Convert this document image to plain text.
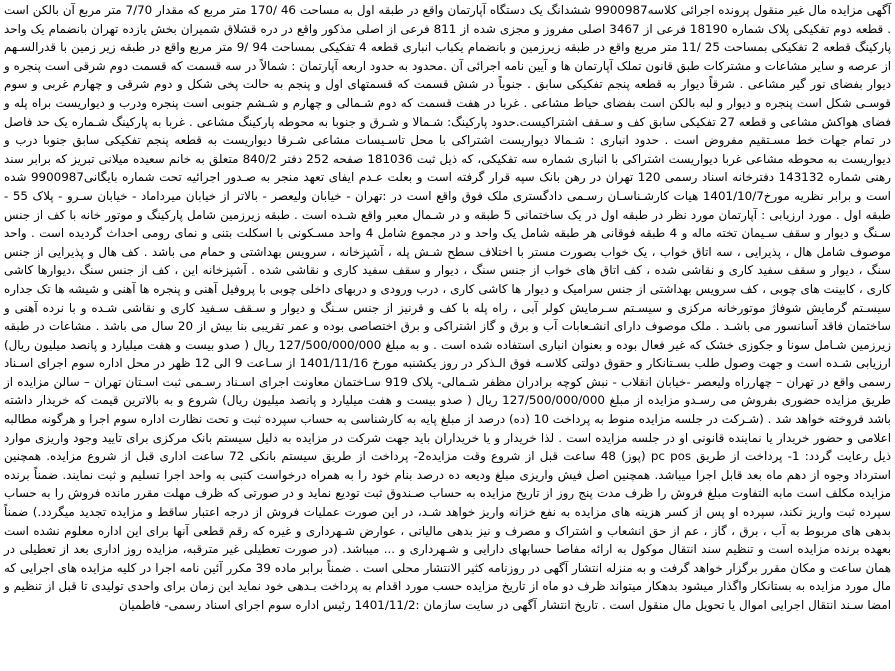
آگهی مزایده مال غیر منقول پرونده اجرائی کلاسه9900987 ششدانگ یک دستگاه آپارتمان واقع در طبقه اول به مساحت 46 /170 متر مربع که مقدار 7/70 متر مربع آن بالکن است . قطعه دوم تفکیکی پلاک شماره 18190 فرعی از 3467 اصلی مفروز و مجزی شده از 811 فرعی از اصلی مذکور واقع در دره قشلاق شمیران بخش یازده تهران بانضمام یک واحد پارکینگ قطعه 2 تفکیکی بمساحت 25 /11 متر مربع واقع در طبقه زیرزمین و بانضمام یکباب انباری قطعه 4 تفکیکی بمساحت 94 /9 متر مربع واقع در طبقه زیر زمین با قدرالسـهم از عرصه و سایر مشاعات و مشترکات طبق قانون تملک آپارتمان ها و آیین نامه اجرائی آن .محدود به حدود اربعه آپارتمان : شمالاً در سه قسمت که قسمت دوم شرقی است پنجره و دیوار بفضای نور گیر مشاعی . شرقاً دیوار به قطعه پنجم تفکیکی سابق . جنوباً در شش قسمت که قسمتهای اول و پنجم به حالت پخی شکل و دوم شرقی و چهارم غربی و سوم قوسـی شکل است پنجره و دیوار و لبه بالکن است بفضای حیاط مشاعی . غربا در هفت قسمت که دوم شـمالی و چهارم و شـشم جنوبی است پنجره ودرب و دیواریست براه پله و فضای هواکش مشاعی و قطعه 27 تفکیکی سابق کف و سـقف اشتراکیست.حدود پارکینگ: شـمالا و شـرق و جنوبا به محوطه پارکینگ مشاعی . غربا به پارکینگ شـماره یک حد فاصل در تمام جهات خط مسـتقیم مفروض است . حدود انباری : شـمالا دیواریست اشتراکی با محل تاسـیسات مشاعی شـرقا دیواریست به قطعه پنجم تفکیکی سابق جنوبا درب و دیواریست به محوطه مشاعی غربا دیواریست اشتراکی با انباری شماره سه تفکیکی، که ذیل ثبت 181036 صفحه 252 دفتر 840/2 متعلق به خانم سعیده میلانی تبریز که برابر سند رهنی شماره 143132 دفترخانه اسناد رسمی 120 تهران در رهن بانک سپه قرار گرفته است و بعلت عـدم ایفای تعهد منجر به صـدور اجرائیه تحت شماره بایگانی9900987 شده است و برابر نظریه مورخ1401/10/7 هیات کارشـناسـان رسـمی دادگستری ملک فوق واقع است در :تهران - خیابان ولیعصر - بالاتر از خیابان میرداماد - خیابان سـرو - پلاک 55 - طبقه اول . مورد ارزیابی : آپارتمان مورد نظر در طبقه اول در یک ساختمانی 5 طبقه و در شـمال معبر واقع شـده است . طبقه زیرزمین شامل پارکینگ و موتور خانه با کف از جنس سـنگ و دیوار و سقف سـیمان تخته ماله و 4 طبقه فوقانی هر طبقه شامل یک واحد و در مجموع شامل 4 واحد مسـکونی با اسکلت بتنی و نمای رومی احداث گردیده است . واحد موصوف شامل هال ، پذیرایی ، سه اتاق خواب ، یک خواب بصورت مستر با اختلاف سطح شـش پله ، آشپزخانه ، سرویس بهداشتی و حمام می باشد . کف هال و پذیرایی از جنس سنگ ، دیوار و سقف سفید کاری و نقاشی شده ، کف اتاق های خواب از جنس سنگ ، دیوار و سقف سفید کاری و نقاشی شده . آشپزخانه این ، کف از جنس سنگ ،دیوارها کاشی کاری ، کابینت های چوبی ، کف سرویس بهداشتی از جنس سرامیک و دیوار ها کاشی کاری ، درب ورودی و دربهای داخلی چوبی با پروفیل آهنی و پنجره ها آهنی و شیشه ها تک جداره سیسـتم گرمایش شوفاژ موتورخانه مرکزی و سیسـتم سـرمایش کولر آبی ، راه پله با کف و قرنیز از جنس سـنگ و دیوار و سـقف سـفید کاری و نقاشی شـده و با نرده آهنی و ساختمان فاقد آسانسور می باشـد . ملک موصوف دارای انشـعابات آب و برق و گاز اشتراکی و برق اختصاصی بوده و عمر تقریبی بنا بیش از 20 سال می باشد . مشاعات در طبقه زیرزمین شـامل سونا و جکوزی خشک که غیر فعال بوده و بعنوان انباری استفاده شده است . و به مبلغ 127/500/000/000 ریال ( صدو بیست و هفت میلیارد و پانصد میلیون ریال) ارزیابی شـده است و جهت وصول طلب بسـتانکار و حقوق دولتی کلاسـه فوق الـذکر در روز یکشنبه مورخ 1401/11/16 از سـاعت 9 الی 12 ظهر در محل اداره سوم اجرای اسـناد رسمی واقع در تهران – چهارراه ولیعصر -خیابان انقلاب - نبش کوچه برادران مظفر شـمالی- پلاک 919 سـاختمان معاونت اجرای اسـناد رسـمی ثبت اسـتان تهران – سالن مزایده از طریق مزایده حضوری بفروش می رسـدو مزایده از مبلغ 127/500/000/000 ریال ( صدو بیست و هفت میلیارد و پانصد میلیون ریال) شروع و به بالاترین قیمت که خریدار داشته باشد فروخته خواهد شد . (شـرکت در جلسه مزایده منوط به پرداخت 10 (ده) درصد از مبلغ پایه به کارشناسی به حساب سپرده ثبت و تحت نظارت اداره سوم اجرا و هرگونه مطالبه اعلامی و حضور خریدار یا نماینده قانونی او در جلسه مزایده است . لذا خریدار و یا خریداران باید جهت شرکت در مزایده به دلیل سیستم بانک مرکزی برای تایید وجود واریزی موارد ذیل رعایت گردد: 1- پرداخت از طریق pc pos (پوز) 48 ساعت قبل از شروع وقت مزایده2- پرداخت از طریق سیستم بانکی 72 ساعت اداری قبل از شروع مزایده. همچنین استرداد وجوه از دهم ماه بعد قابل اجرا میباشد. همچنین اصل فیش واریزی مبلغ ودیعه ده درصد بنام خود را به همراه درخواست کتبی به واحد اجرا تسلیم و ثبت نمایند. ضمناً برنده مزایده مکلف است مابه التفاوت مبلغ فروش را ظرف مدت پنج روز از تاریخ مزایده به حساب صـندوق ثبت تودیع نماید و در صورتی که ظرف مهلت مقرر مانده فروش را به حساب سپرده ثبت واریز نکند، سپرده او پس از کسر هزینه های مزایده به نفع خزانه واریز خواهد شـد، در این صورت عملیات فروش از درجه اعتبار ساقط و مزایده تجدید میگردد.) ضمناً بدهی های مربوط به آب ، برق ، گاز ، عم از حق انشعاب و اشتراک و مصرف و نیز بدهی مالیاتی ، عوارض شـهرداری و غیره که رقم قطعی آنها برای این اداره معلوم نشده است بعهده برنده مزایده است و تنظیم سند انتقال موکول به ارائه مفاصا حسابهای دارایی و شـهرداری و ... میباشد. (در صورت تعطیلی غیر مترقبه، مزایده روز اداری بعد از تعطیلی در همان ساعت و مکان مقرر برگزار خواهد گرفت و به منزله انتشار آگهی در روزنامه کثیر الانتشار محلی است . ضمناً برابر ماده 39 مکرر آئین نامه اجرا در کلیه مزایده های اجرایی که مال مورد مزایده به بستانکار واگذار میشود بدهکار میتواند ظرف دو ماه از تاریخ مزایده حسب مورد اقدام به پرداخت بـدهی خود نماید این زمان برای واحدی تولیدی تا قبل از تنظیم و امضا سـند انتقال اجرایی اموال یا تحویل مال منقول است . تاریخ انتشار آگهی در سایت سازمان :1401/11/2 رئیس اداره سوم اجرای اسناد رسمی- فاطمیان
